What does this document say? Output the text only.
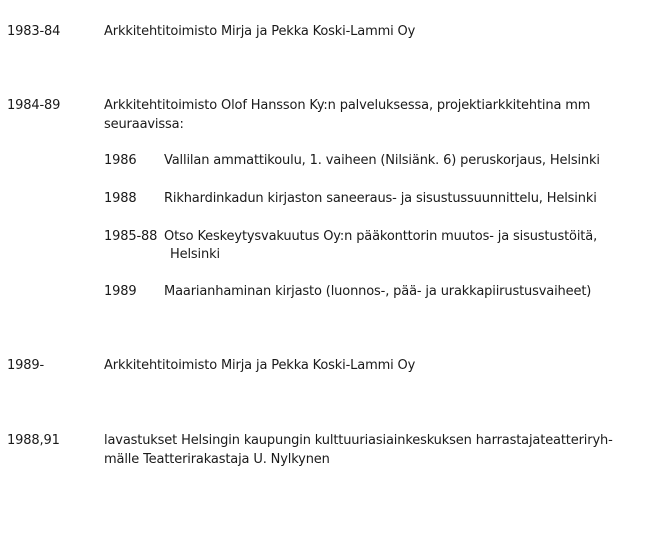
1983-84	Arkkitehtitoimisto Mirja ja Pekka Koski-Lammi Oy
1984-89	Arkkitehtitoimisto Olof Hansson Ky:n palveluksessa, projektiarkkitehtina mm
seuraavissa:
1986 Vallilan ammattikoulu, 1. vaiheen (Nilsiänk. 6) peruskorjaus, Helsinki
1988 Rikhardinkadun kirjaston saneeraus- ja sisustussuunnittelu, Helsinki
1985-88 Otso Keskeytysvakuutus Oy:n pääkonttorin muutos- ja sisustustöitä,
Helsinki
1989 Maarianhaminan kirjasto (luonnos-, pää- ja urakkapiirustusvaiheet)
1989-	Arkkitehtitoimisto Mirja ja Pekka Koski-Lammi Oy
1988,91	lavastukset Helsingin kaupungin kulttuuriasiainkeskuksen harrastajateatteriryh-
mälle Teatterirakastaja U. Nylkynen
